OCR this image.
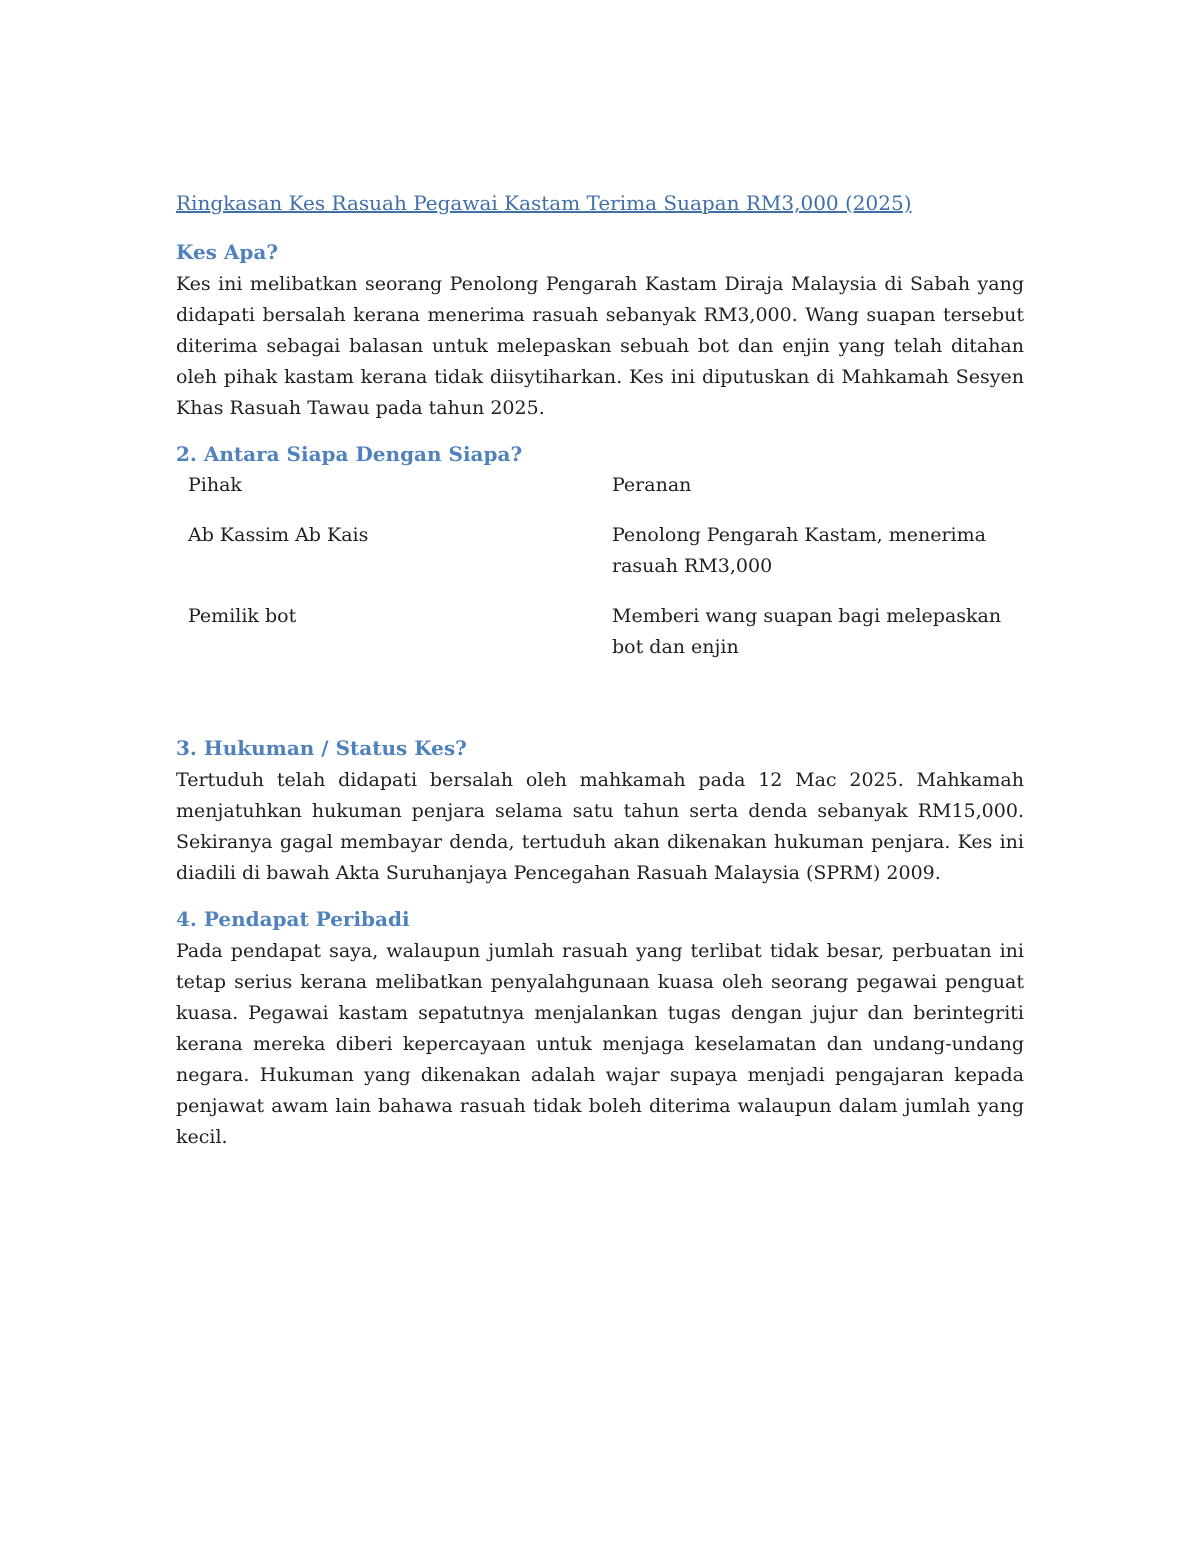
Ringkasan Kes Rasuah Pegawai Kastam Terima Suapan RM3,000 (2025)
Kes Apa?

Kes ini melibatkan seorang Penolong Pengarah Kastam Diraja Malaysia di Sabah yang didapati bersalah kerana menerima rasuah sebanyak RM3,000. Wang suapan tersebut diterima sebagai balasan untuk melepaskan sebuah bot dan enjin yang telah ditahan oleh pihak kastam kerana tidak diisytiharkan. Kes ini diputuskan di Mahkamah Sesyen Khas Rasuah Tawau pada tahun 2025.

2. Antara Siapa Dengan Siapa?
Pihak	Peranan
Ab Kassim Ab Kais	Penolong Pengarah Kastam, menerima rasuah RM3,000
Pemilik bot	Memberi wang suapan bagi melepaskan bot dan enjin
3. Hukuman / Status Kes?

Tertuduh telah didapati bersalah oleh mahkamah pada 12 Mac 2025. Mahkamah menjatuhkan hukuman penjara selama satu tahun serta denda sebanyak RM15,000. Sekiranya gagal membayar denda, tertuduh akan dikenakan hukuman penjara. Kes ini diadili di bawah Akta Suruhanjaya Pencegahan Rasuah Malaysia (SPRM) 2009.

4. Pendapat Peribadi

Pada pendapat saya, walaupun jumlah rasuah yang terlibat tidak besar, perbuatan ini tetap serius kerana melibatkan penyalahgunaan kuasa oleh seorang pegawai penguat kuasa. Pegawai kastam sepatutnya menjalankan tugas dengan jujur dan berintegriti kerana mereka diberi kepercayaan untuk menjaga keselamatan dan undang-undang negara. Hukuman yang dikenakan adalah wajar supaya menjadi pengajaran kepada penjawat awam lain bahawa rasuah tidak boleh diterima walaupun dalam jumlah yang kecil.
